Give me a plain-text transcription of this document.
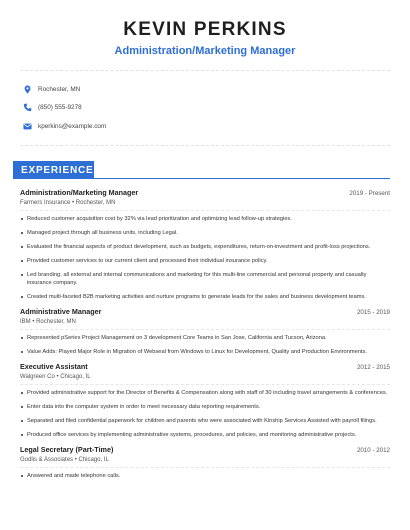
KEVIN PERKINS
Administration/Marketing Manager
Rochester, MN
(850) 555-9278
kperkins@example.com
EXPERIENCE
Administration/Marketing Manager	2019 - Present
Farmers Insurance • Rochester, MN
Reduced customer acquisition cost by 32% via lead prioritization and optimizing lead follow-up strategies.
Managed project through all business units, including Legal.
Evaluated the financial aspects of product development, such as budgets, expenditures, return-on-investment and profit-loss projections.
Provided customer services to our current client and processed their individual insurance policy.
Led branding, all external and internal communications and marketing for this multi-line commercial and personal property and casualty insurance company.
Created multi-faceted B2B marketing activities and nurture programs to generate leads for the sales and business development teams.
Administrative Manager	2015 - 2019
IBM • Rochester, MN
Represented pSeries Project Management on 3 development Core Teams in San Jose, California and Tucson, Arizona.
Value Adds: Played Major Role in Migration of Webseal from Windows to Linux for Development, Quality and Production Environments.
Executive Assistant	2012 - 2015
Walgreen Co • Chicago, IL
Provided administrative support for the Director of Benefits & Compensation along with staff of 30 including travel arrangements & conferences.
Enter data into the computer system in order to meet necessary data reporting requirements.
Separated and filed confidential paperwork for children and parents who were associated with Kinship Services Assisted with payroll filings.
Produced office services by implementing administrative systems, procedures, and policies, and monitoring administrative projects.
Legal Secretary (Part-Time)	2010 - 2012
Godlis & Associates • Chicago, IL
Answered and made telephone calls.
